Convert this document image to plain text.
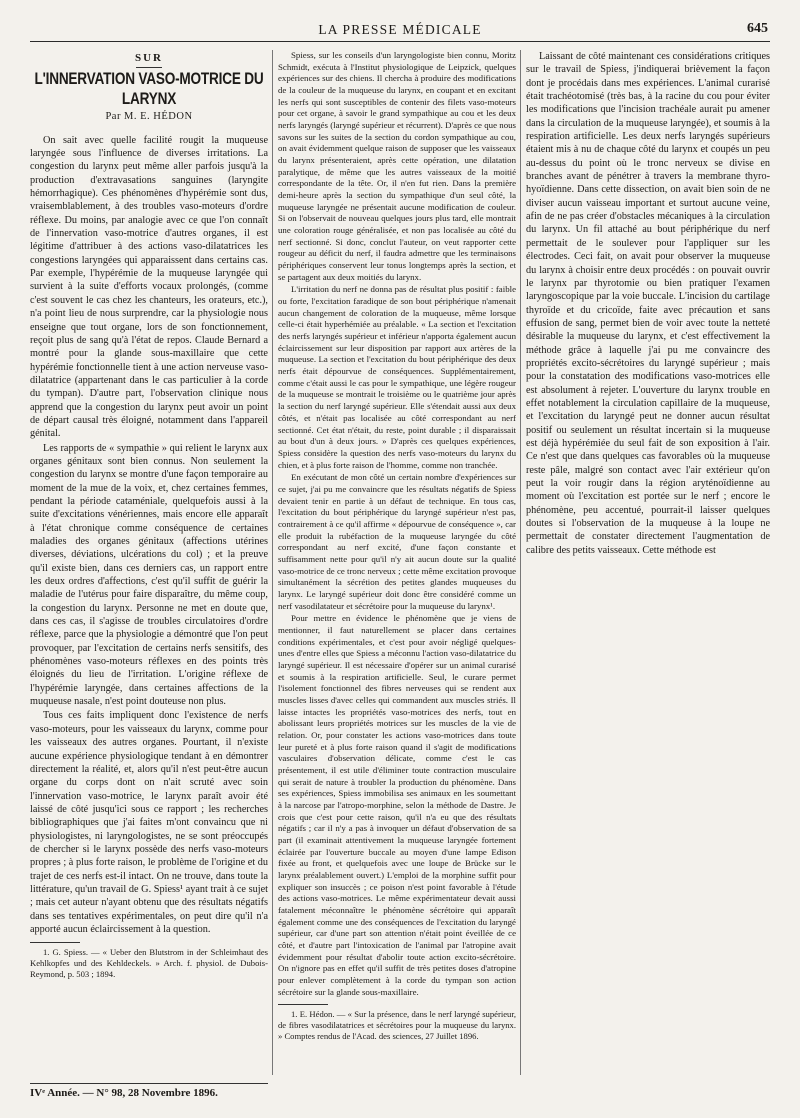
LA PRESSE MÉDICALE	645
SUR
L'INNERVATION VASO-MOTRICE DU LARYNX
Par M. E. HÉDON

On sait avec quelle facilité rougit la muqueuse laryngée sous l'influence de diverses irritations. La congestion du larynx peut même aller parfois jusqu'à la production d'extravasations sanguines (laryngite hémorrhagique). Ces phénomènes d'hypérémie sont dus, vraisemblablement, à des troubles vaso-moteurs d'ordre réflexe. Du moins, par analogie avec ce que l'on connaît de l'innervation vaso-motrice d'autres organes, il est légitime d'attribuer à des actions vaso-dilatatrices les congestions laryngées qui apparaissent dans certains cas. Par exemple, l'hypérémie de la muqueuse laryngée qui survient à la suite d'efforts vocaux prolongés, (comme c'est souvent le cas chez les chanteurs, les orateurs, etc.), n'a point lieu de nous surprendre, car la physiologie nous enseigne que tout organe, lors de son fonctionnement, reçoit plus de sang qu'à l'état de repos. Claude Bernard a montré pour la glande sous-maxillaire que cette hypérémie fonctionnelle tient à une action nerveuse vaso-dilatatrice (appartenant dans le cas particulier à la corde du tympan). D'autre part, l'observation clinique nous apprend que la congestion du larynx peut avoir un point de départ causal très éloigné, notamment dans l'appareil génital.

Les rapports de « sympathie » qui relient le larynx aux organes génitaux sont bien connus. Non seulement la congestion du larynx se montre d'une façon temporaire au moment de la mue de la voix, et, chez certaines femmes, pendant la période cataméniale, quelquefois aussi à la suite d'excitations vénériennes, mais encore elle apparaît à l'état chronique comme conséquence de certaines maladies des organes génitaux (affections utérines diverses, déviations, ulcérations du col) ; et la preuve qu'il existe bien, dans ces derniers cas, un rapport entre les deux ordres d'affections, c'est qu'il suffit de guérir la maladie de l'utérus pour faire disparaître, du même coup, la congestion du larynx. Personne ne met en doute que, dans ces cas, il s'agisse de troubles circulatoires d'ordre réflexe, parce que la physiologie a démontré que l'on peut provoquer, par l'excitation de certains nerfs sensitifs, des phénomènes vaso-moteurs réflexes en des points très éloignés du lieu de l'irritation. L'origine réflexe de l'hypérémie laryngée, dans certaines affections de la muqueuse nasale, n'est point douteuse non plus.

Tous ces faits impliquent donc l'existence de nerfs vaso-moteurs, pour les vaisseaux du larynx, comme pour les vaisseaux des autres organes. Pourtant, il n'existe aucune expérience physiologique tendant à en démontrer directement la réalité, et, alors qu'il n'est peut-être aucun organe du corps dont on n'ait scruté avec soin l'innervation vaso-motrice, le larynx paraît avoir été laissé de côté jusqu'ici sous ce rapport ; les recherches bibliographiques que j'ai faites m'ont convaincu que ni physiologistes, ni laryngologistes, ne se sont préoccupés de chercher si le larynx possède des nerfs vaso-moteurs propres ; à plus forte raison, le problème de l'origine et du trajet de ces nerfs est-il intact. On ne trouve, dans toute la littérature, qu'un travail de G. Spiess¹ ayant trait à ce sujet ; mais cet auteur n'ayant obtenu que des résultats négatifs dans ses tentatives expérimentales, on peut dire qu'il n'a apporté aucun éclaircissement à la question.

1. G. Spiess. — « Ueber den Blutstrom in der Schleimhaut des Kehlkopfes und des Kehldeckels. » Arch. f. physiol. de Dubois-Reymond, p. 503 ; 1894.

Spiess, sur les conseils d'un laryngologiste bien connu, Moritz Schmidt, exécuta à l'Institut physiologique de Leipzick, quelques expériences sur des chiens. Il chercha à produire des modifications de la couleur de la muqueuse du larynx, en coupant et en excitant les nerfs qui sont susceptibles de contenir des filets vaso-moteurs pour cet organe, à savoir le grand sympathique au cou et les deux nerfs laryngés (laryngé supérieur et récurrent). D'après ce que nous savons sur les suites de la section du cordon sympathique au cou, on avait évidemment quelque raison de supposer que les vaisseaux du larynx présenteraient, après cette opération, une dilatation paralytique, de même que les autres vaisseaux de la moitié correspondante de la tête. Or, il n'en fut rien. Dans la première demi-heure après la section du sympathique d'un seul côté, la muqueuse laryngée ne présentait aucune modification de couleur. Si on l'observait de nouveau quelques jours plus tard, elle montrait une coloration rouge généralisée, et non pas localisée au côté du nerf sectionné. Si donc, conclut l'auteur, on veut rapporter cette rougeur au déficit du nerf, il faudra admettre que les terminaisons périphériques conservent leur tonus longtemps après la section, et se partagent aux deux moitiés du larynx.

L'irritation du nerf ne donna pas de résultat plus positif : faible ou forte, l'excitation faradique de son bout périphérique n'amenait aucun changement de coloration de la muqueuse, même lorsque celle-ci était hyperhémiée au préalable. « La section et l'excitation des nerfs laryngés supérieur et inférieur n'apporta également aucun éclaircissement sur leur disposition par rapport aux artères de la muqueuse. La section et l'excitation du bout périphérique des deux nerfs était dépourvue de conséquences. Supplémentairement, comme c'était aussi le cas pour le sympathique, une légère rougeur de la muqueuse se montrait le troisième ou le quatrième jour après la section du nerf laryngé supérieur. Elle s'étendait aussi aux deux côtés, et n'était pas localisée au côté correspondant au nerf sectionné. Cet état n'était, du reste, point durable ; il disparaissait au bout d'un à deux jours. » D'après ces quelques expériences, Spiess considère la question des nerfs vaso-moteurs du larynx du chien, et à plus forte raison de l'homme, comme non tranchée.

En exécutant de mon côté un certain nombre d'expériences sur ce sujet, j'ai pu me convaincre que les résultats négatifs de Spiess devaient tenir en partie à un défaut de technique. En tous cas, l'excitation du bout périphérique du laryngé supérieur n'est pas, contrairement à ce qu'il affirme « dépourvue de conséquence », car elle produit la rubéfaction de la muqueuse laryngée du côté correspondant au nerf excité, d'une façon constante et suffisamment nette pour qu'il n'y ait aucun doute sur la qualité vaso-motrice de ce tronc nerveux ; cette même excitation provoque simultanément la sécrétion des petites glandes muqueuses du larynx. Le laryngé supérieur doit donc être considéré comme un nerf vasodilatateur et sécrétoire pour la muqueuse du larynx¹.

Pour mettre en évidence le phénomène que je viens de mentionner, il faut naturellement se placer dans certaines conditions expérimentales, et c'est pour avoir négligé quelques-unes d'entre elles que Spiess a méconnu l'action vaso-dilatatrice du laryngé supérieur. Il est nécessaire d'opérer sur un animal curarisé et soumis à la respiration artificielle. Seul, le curare permet l'isolement fonctionnel des fibres nerveuses qui se rendent aux muscles lisses d'avec celles qui commandent aux muscles striés. Il laisse intactes les propriétés vaso-motrices des nerfs, tout en abolissant leurs propriétés motrices sur les muscles de la vie de relation. Or, pour constater les actions vaso-motrices dans toute leur pureté et à plus forte raison quand il s'agit de modifications vasculaires d'observation délicate, comme c'est le cas présentement, il est utile d'éliminer toute contraction musculaire qui serait de nature à troubler la production du phénomène. Dans ses expériences, Spiess immobilisa ses animaux en les soumettant à la narcose par l'atropo-morphine, selon la méthode de Dastre. Je crois que c'est pour cette raison, qu'il n'a eu que des résultats négatifs ; car il n'y a pas à invoquer un défaut d'observation de sa part (il examinait attentivement la muqueuse laryngée fortement éclairée par l'ouverture buccale au moyen d'une lampe Edison fixée au front, et quelquefois avec une loupe de Brücke sur le larynx préalablement ouvert.) L'emploi de la morphine suffit pour expliquer son insuccès ; ce poison n'est point favorable à l'étude des actions vaso-motrices. Le même expérimentateur devait aussi fatalement méconnaître le phénomène sécrétoire qui apparaît également comme une des conséquences de l'excitation du laryngé supérieur, car d'une part son attention n'était point éveillée de ce côté, et d'autre part l'intoxication de l'animal par l'atropine avait évidemment pour résultat d'abolir toute action excito-sécrétoire. On n'ignore pas en effet qu'il suffit de très petites doses d'atropine pour enlever complètement à la corde du tympan son action sécrétoire sur la glande sous-maxillaire.

1. E. Hédon. — « Sur la présence, dans le nerf laryngé supérieur, de fibres vasodilatatrices et sécrétoires pour la muqueuse du larynx. » Comptes rendus de l'Acad. des sciences, 27 Juillet 1896.

Laissant de côté maintenant ces considérations critiques sur le travail de Spiess, j'indiquerai brièvement la façon dont je procédais dans mes expériences. L'animal curarisé était trachéotomisé (très bas, à la racine du cou pour éviter les modifications que l'incision trachéale aurait pu amener dans la circulation de la muqueuse laryngée), et soumis à la respiration artificielle. Les deux nerfs laryngés supérieurs étaient mis à nu de chaque côté du larynx et coupés un peu au-dessus du point où le tronc nerveux se divise en branches avant de pénétrer à travers la membrane thyro-hyoïdienne. Dans cette dissection, on avait bien soin de ne diviser aucun vaisseau important et surtout aucune veine, afin de ne pas créer d'obstacles mécaniques à la circulation du larynx. Un fil attaché au bout périphérique du nerf permettait de le soulever pour l'appliquer sur les électrodes. Ceci fait, on avait pour observer la muqueuse du larynx à choisir entre deux procédés : on pouvait ouvrir le larynx par thyrotomie ou bien pratiquer l'examen laryngoscopique par la voie buccale. L'incision du cartilage thyroïde et du cricoïde, faite avec précaution et sans effusion de sang, permet bien de voir avec toute la netteté désirable la muqueuse du larynx, et c'est effectivement la méthode grâce à laquelle j'ai pu me convaincre des propriétés excito-sécrétoires du laryngé supérieur ; mais pour la constatation des modifications vaso-motrices elle est absolument à rejeter. L'ouverture du larynx trouble en effet notablement la circulation capillaire de la muqueuse, et l'excitation du laryngé peut ne donner aucun résultat positif ou seulement un résultat incertain si la muqueuse est déjà hypérémiée du seul fait de son exposition à l'air. Ce n'est que dans quelques cas favorables où la muqueuse reste pâle, malgré son contact avec l'air extérieur qu'on peut la voir rougir dans la région aryténoïdienne au moment où l'excitation est portée sur le nerf ; encore le phénomène, peu accentué, pourrait-il laisser quelques doutes si l'observation de la muqueuse à la loupe ne permettait de constater directement l'augmentation de calibre des petits vaisseaux. Cette méthode est

IVᵉ Année. — N° 98, 28 Novembre 1896.
